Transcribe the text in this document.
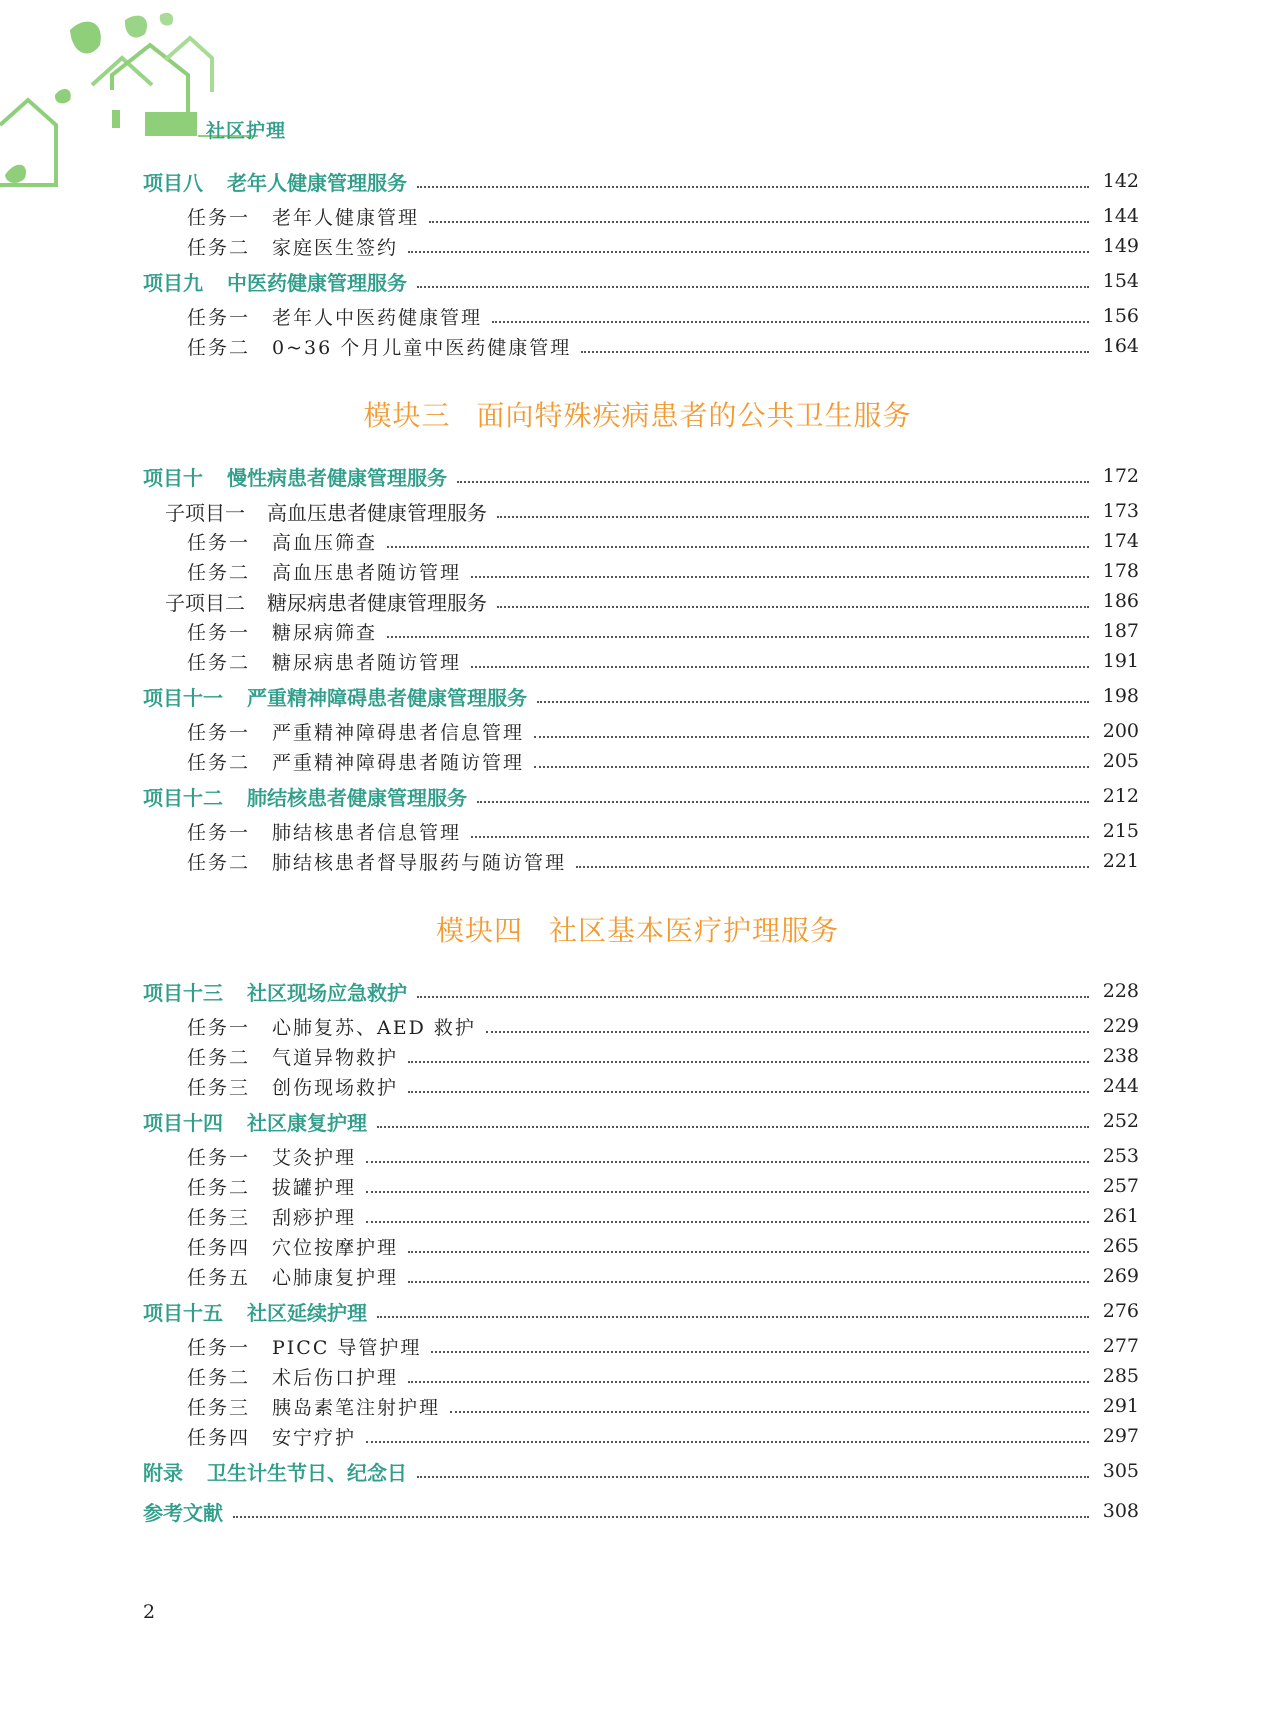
社区护理
项目八 老年人健康管理服务	142
任务一 老年人健康管理	144
任务二 家庭医生签约	149
项目九 中医药健康管理服务	154
任务一 老年人中医药健康管理	156
任务二 0~36 个月儿童中医药健康管理	164
模块三 面向特殊疾病患者的公共卫生服务
项目十 慢性病患者健康管理服务	172
子项目一 高血压患者健康管理服务	173
任务一 高血压筛查	174
任务二 高血压患者随访管理	178
子项目二 糖尿病患者健康管理服务	186
任务一 糖尿病筛查	187
任务二 糖尿病患者随访管理	191
项目十一 严重精神障碍患者健康管理服务	198
任务一 严重精神障碍患者信息管理	200
任务二 严重精神障碍患者随访管理	205
项目十二 肺结核患者健康管理服务	212
任务一 肺结核患者信息管理	215
任务二 肺结核患者督导服药与随访管理	221
模块四 社区基本医疗护理服务
项目十三 社区现场应急救护	228
任务一 心肺复苏、AED 救护	229
任务二 气道异物救护	238
任务三 创伤现场救护	244
项目十四 社区康复护理	252
任务一 艾灸护理	253
任务二 拔罐护理	257
任务三 刮痧护理	261
任务四 穴位按摩护理	265
任务五 心肺康复护理	269
项目十五 社区延续护理	276
任务一 PICC 导管护理	277
任务二 术后伤口护理	285
任务三 胰岛素笔注射护理	291
任务四 安宁疗护	297
附录 卫生计生节日、纪念日	305
参考文献	308
2
